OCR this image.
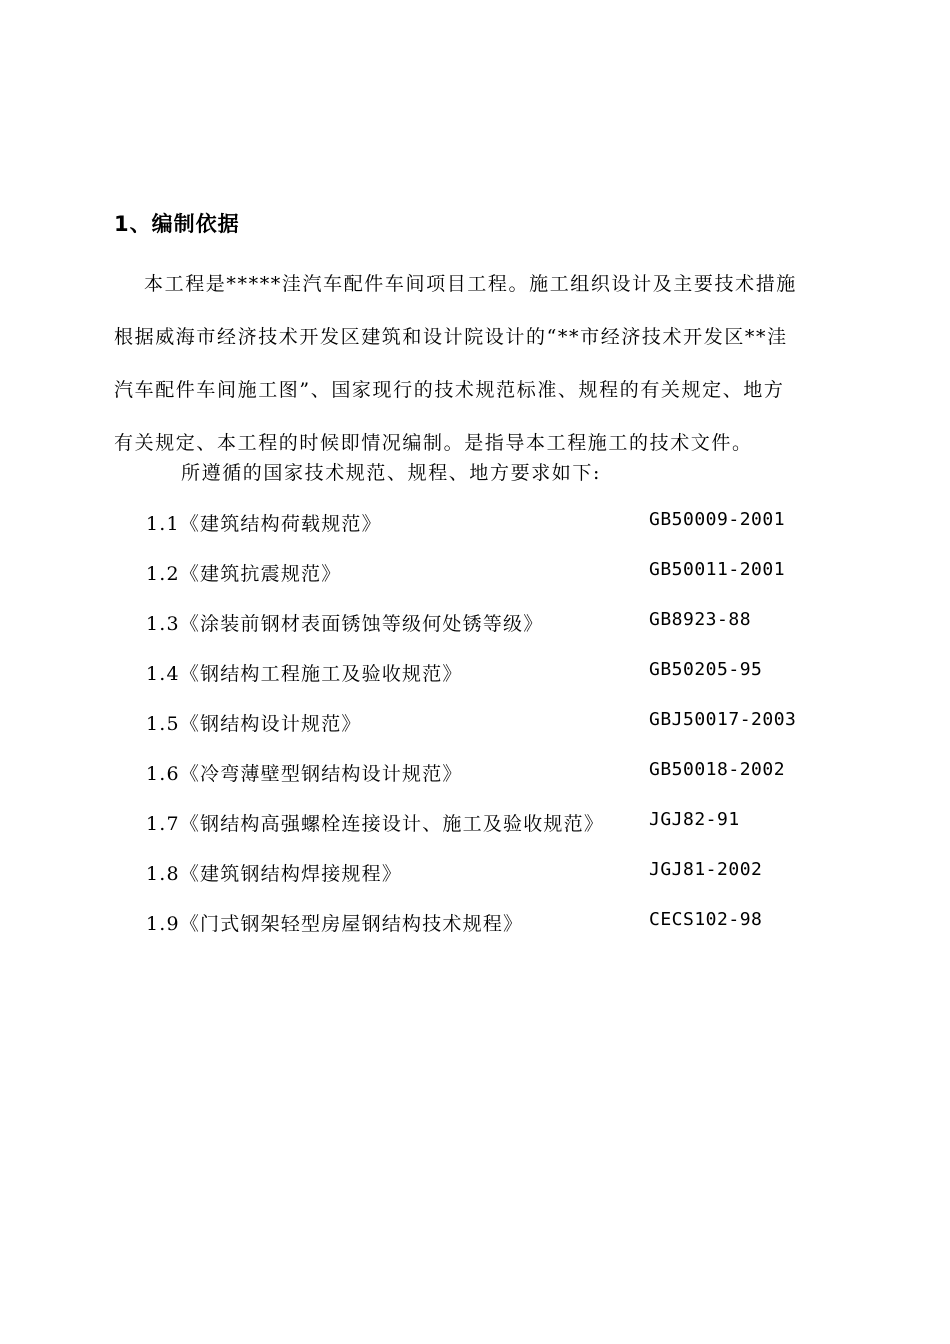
1、编制依据
本工程是*****洼汽车配件车间项目工程。施工组织设计及主要技术措施
根据威海市经济技术开发区建筑和设计院设计的“**市经济技术开发区**洼
汽车配件车间施工图”、国家现行的技术规范标准、规程的有关规定、地方
有关规定、本工程的时候即情况编制。是指导本工程施工的技术文件。
所遵循的国家技术规范、规程、地方要求如下:
1.1《建筑结构荷载规范》	GB50009-2001
1.2《建筑抗震规范》	GB50011-2001
1.3《涂装前钢材表面锈蚀等级何处锈等级》	GB8923-88
1.4《钢结构工程施工及验收规范》	GB50205-95
1.5《钢结构设计规范》	GBJ50017-2003
1.6《冷弯薄壁型钢结构设计规范》	GB50018-2002
1.7《钢结构高强螺栓连接设计、施工及验收规范》 JGJ82-91
1.8《建筑钢结构焊接规程》	JGJ81-2002
1.9《门式钢架轻型房屋钢结构技术规程》	CECS102-98
